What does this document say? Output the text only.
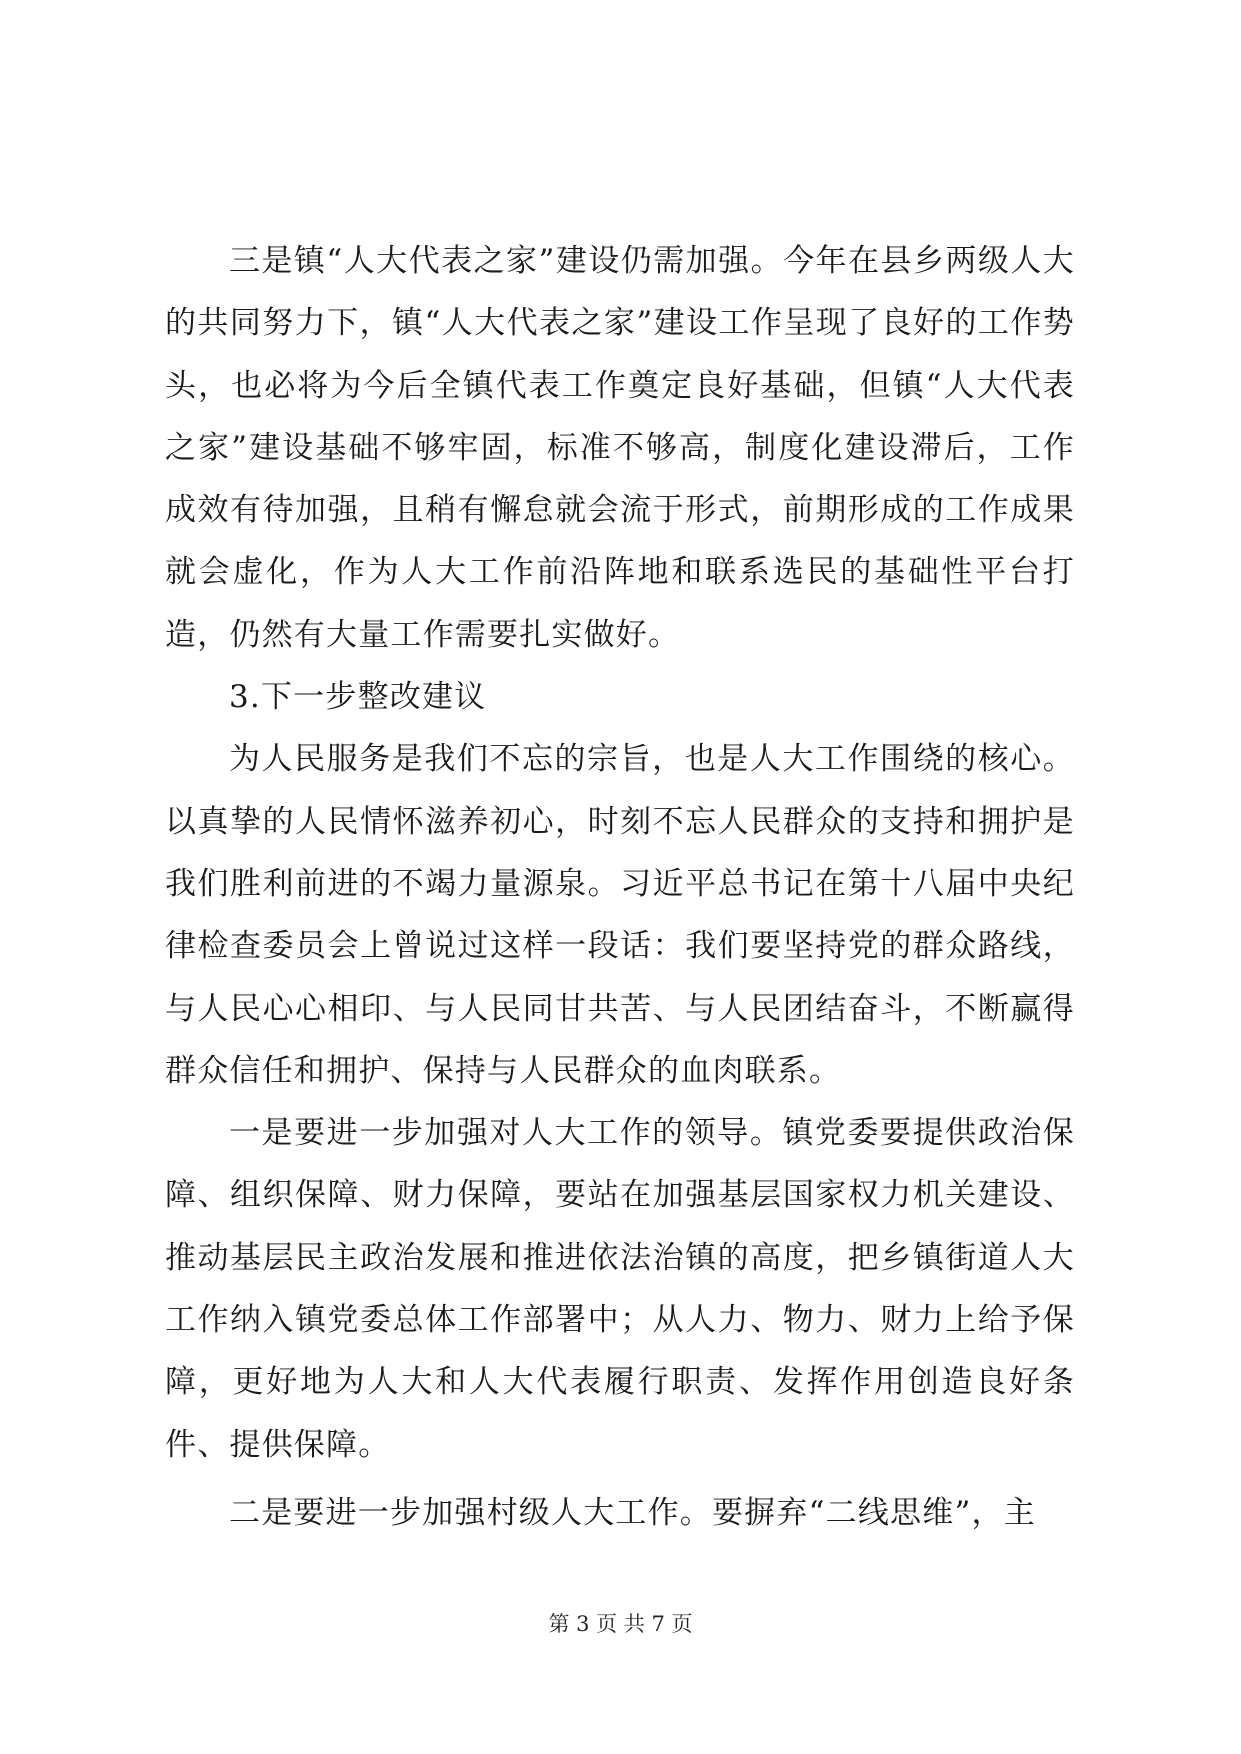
三是镇“人大代表之家”建设仍需加强。今年在县乡两级人大的共同努力下，镇“人大代表之家”建设工作呈现了良好的工作势头，也必将为今后全镇代表工作奠定良好基础，但镇“人大代表之家”建设基础不够牢固，标准不够高，制度化建设滞后，工作成效有待加强，且稍有懈怠就会流于形式，前期形成的工作成果就会虚化，作为人大工作前沿阵地和联系选民的基础性平台打造，仍然有大量工作需要扎实做好。

3.下一步整改建议

为人民服务是我们不忘的宗旨，也是人大工作围绕的核心。以真挚的人民情怀滋养初心，时刻不忘人民群众的支持和拥护是我们胜利前进的不竭力量源泉。习近平总书记在第十八届中央纪律检查委员会上曾说过这样一段话：我们要坚持党的群众路线，与人民心心相印、与人民同甘共苦、与人民团结奋斗，不断赢得群众信任和拥护、保持与人民群众的血肉联系。

一是要进一步加强对人大工作的领导。镇党委要提供政治保障、组织保障、财力保障，要站在加强基层国家权力机关建设、推动基层民主政治发展和推进依法治镇的高度，把乡镇街道人大工作纳入镇党委总体工作部署中；从人力、物力、财力上给予保障，更好地为人大和人大代表履行职责、发挥作用创造良好条件、提供保障。

二是要进一步加强村级人大工作。要摒弃“二线思维”，主

第 3 页 共 7 页
